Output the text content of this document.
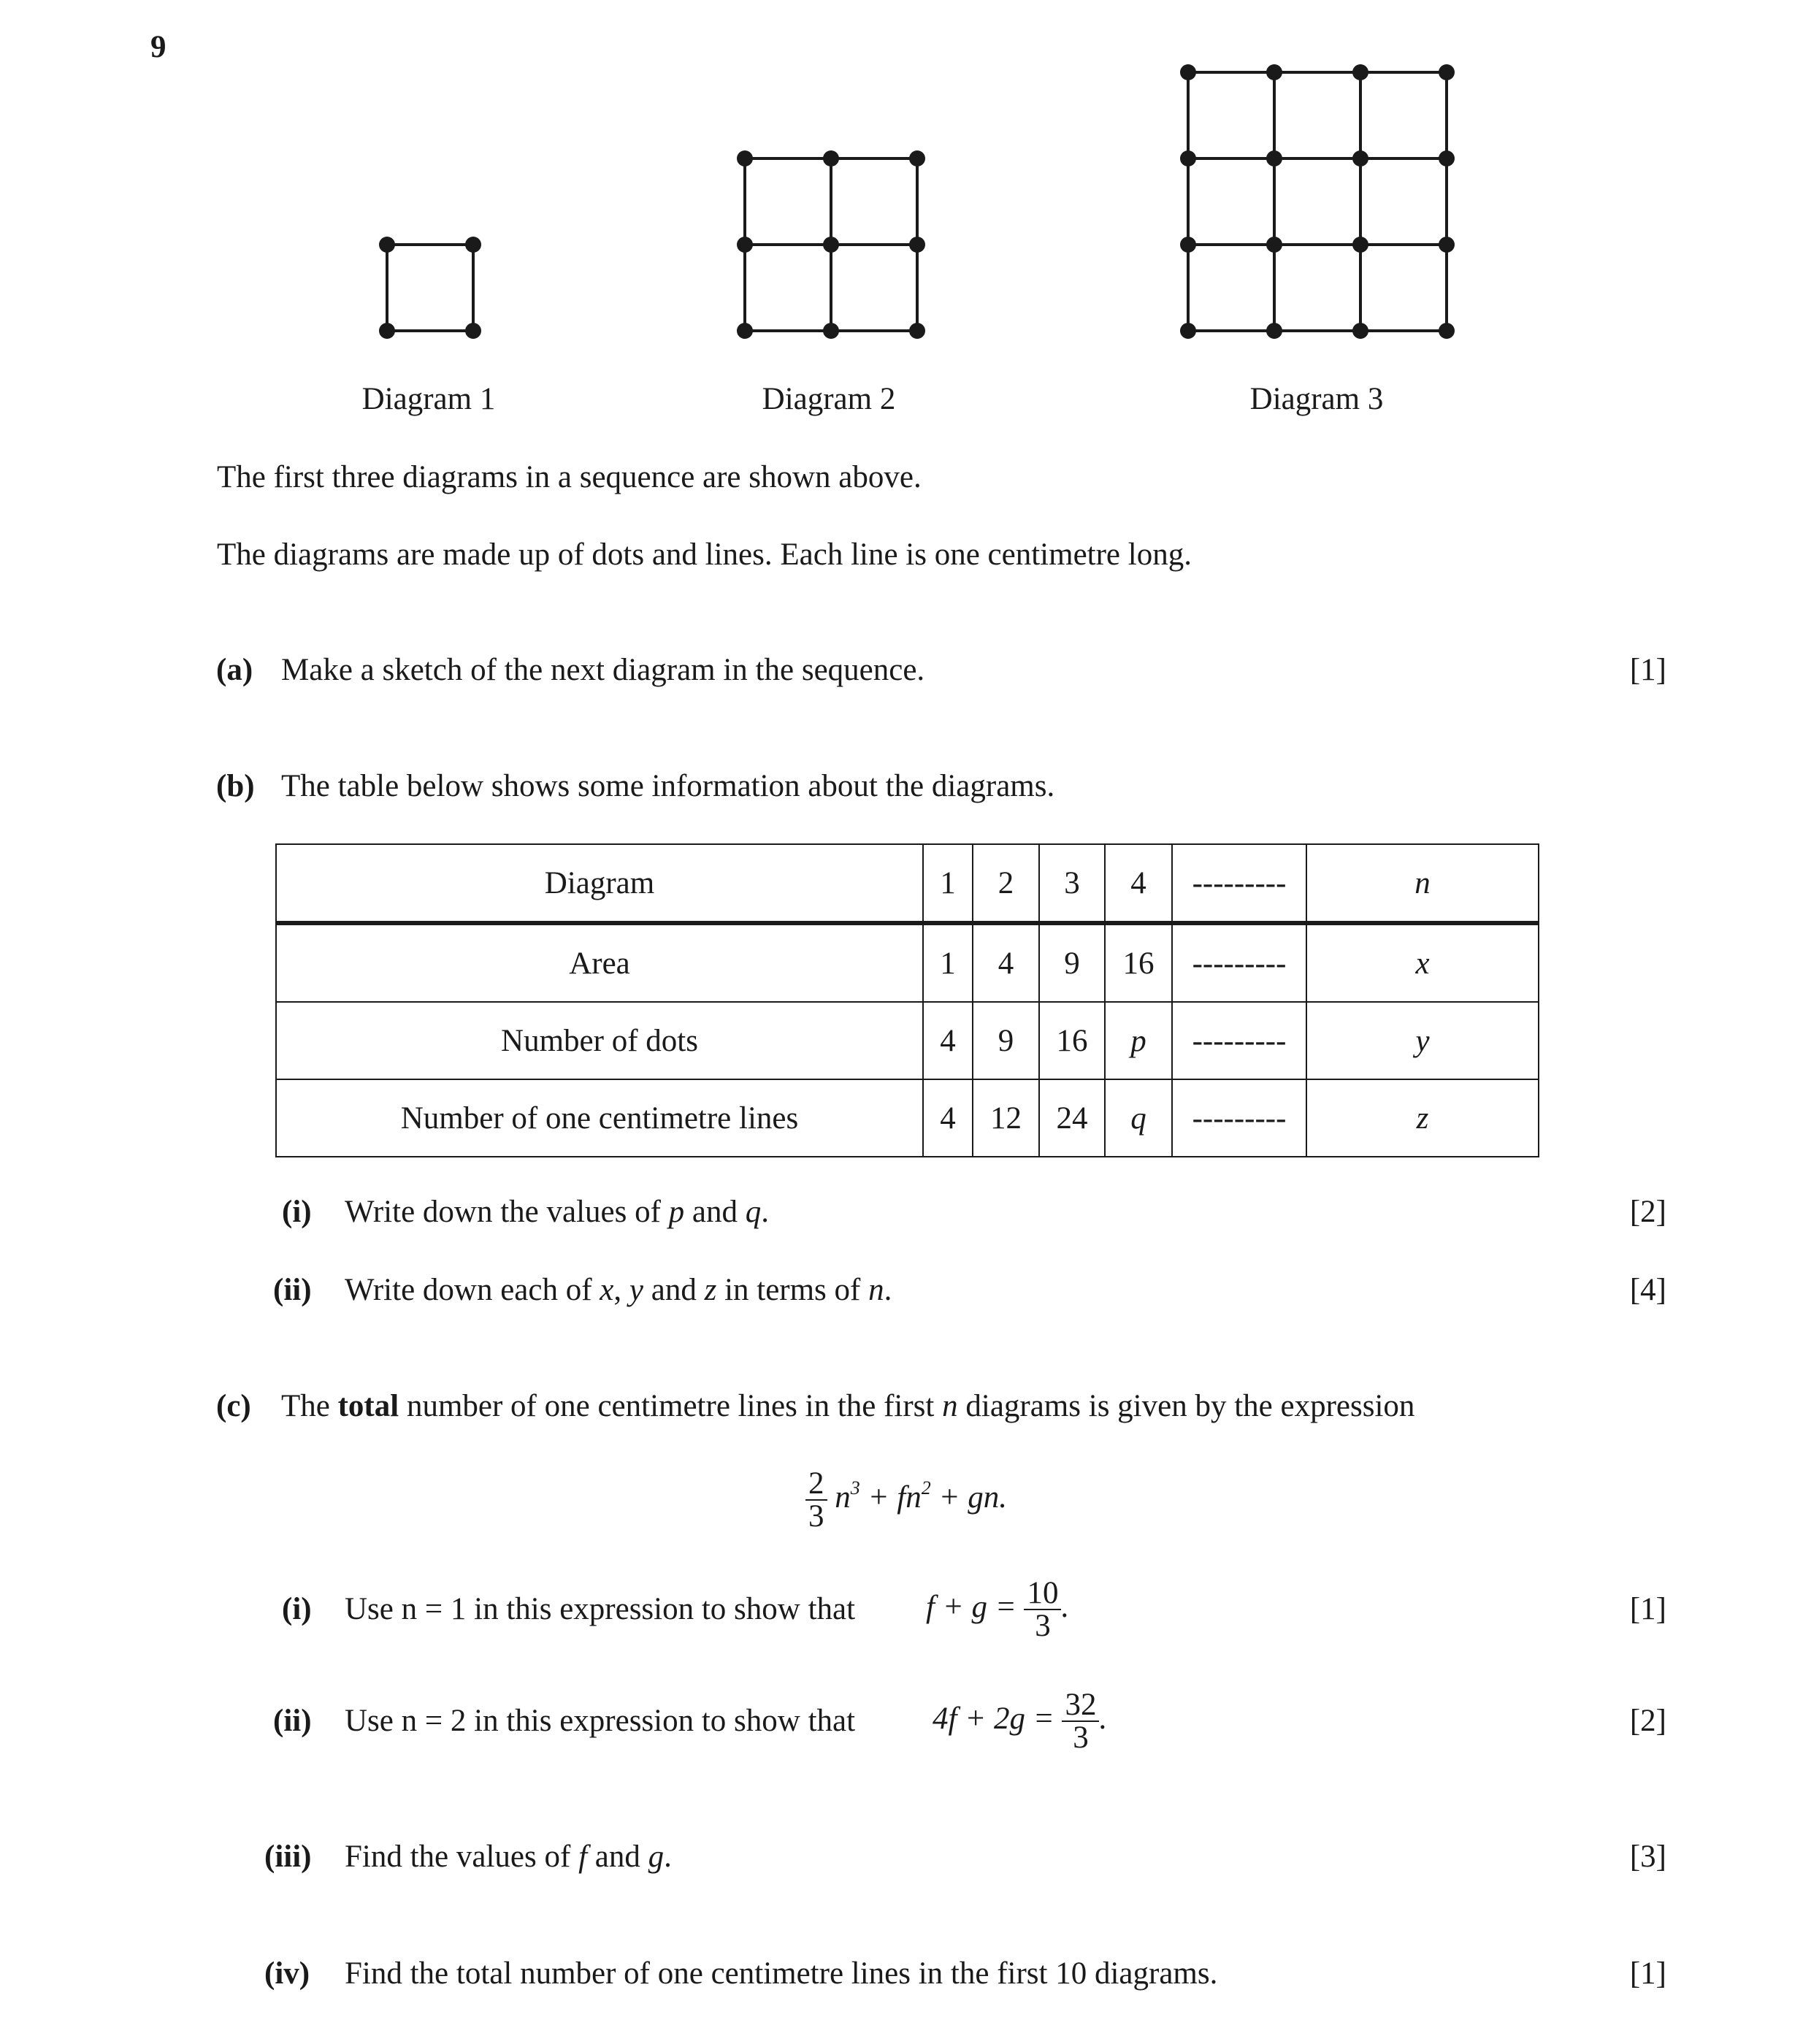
9
Diagram 1	Diagram 2	Diagram 3
The first three diagrams in a sequence are shown above.
The diagrams are made up of dots and lines. Each line is one centimetre long.
(a) Make a sketch of the next diagram in the sequence.	[1]
(b) The table below shows some information about the diagrams.
Diagram	1	2	3	4	---------	n
Area	1	4	9	16	---------	x
Number of dots	4	9	16	p	---------	y
Number of one centimetre lines	4	12	24	q	---------	z
(i) Write down the values of p and q.	[2]
(ii) Write down each of x, y and z in terms of n.	[4]
(c) The total number of one centimetre lines in the first n diagrams is given by the expression
$\frac{2}{3} n^3 + fn^2$ + gn.
(i) Use n = 1 in this expression to show that $f + g = \frac{10}{3}$ .	[1]
(ii) Use n = 2 in this expression to show that $4f + 2g = \frac{32}{3}$ .	[2]
(iii) Find the values of f and g.	[3]
(iv) Find the total number of one centimetre lines in the first 10 diagrams.	[1]
